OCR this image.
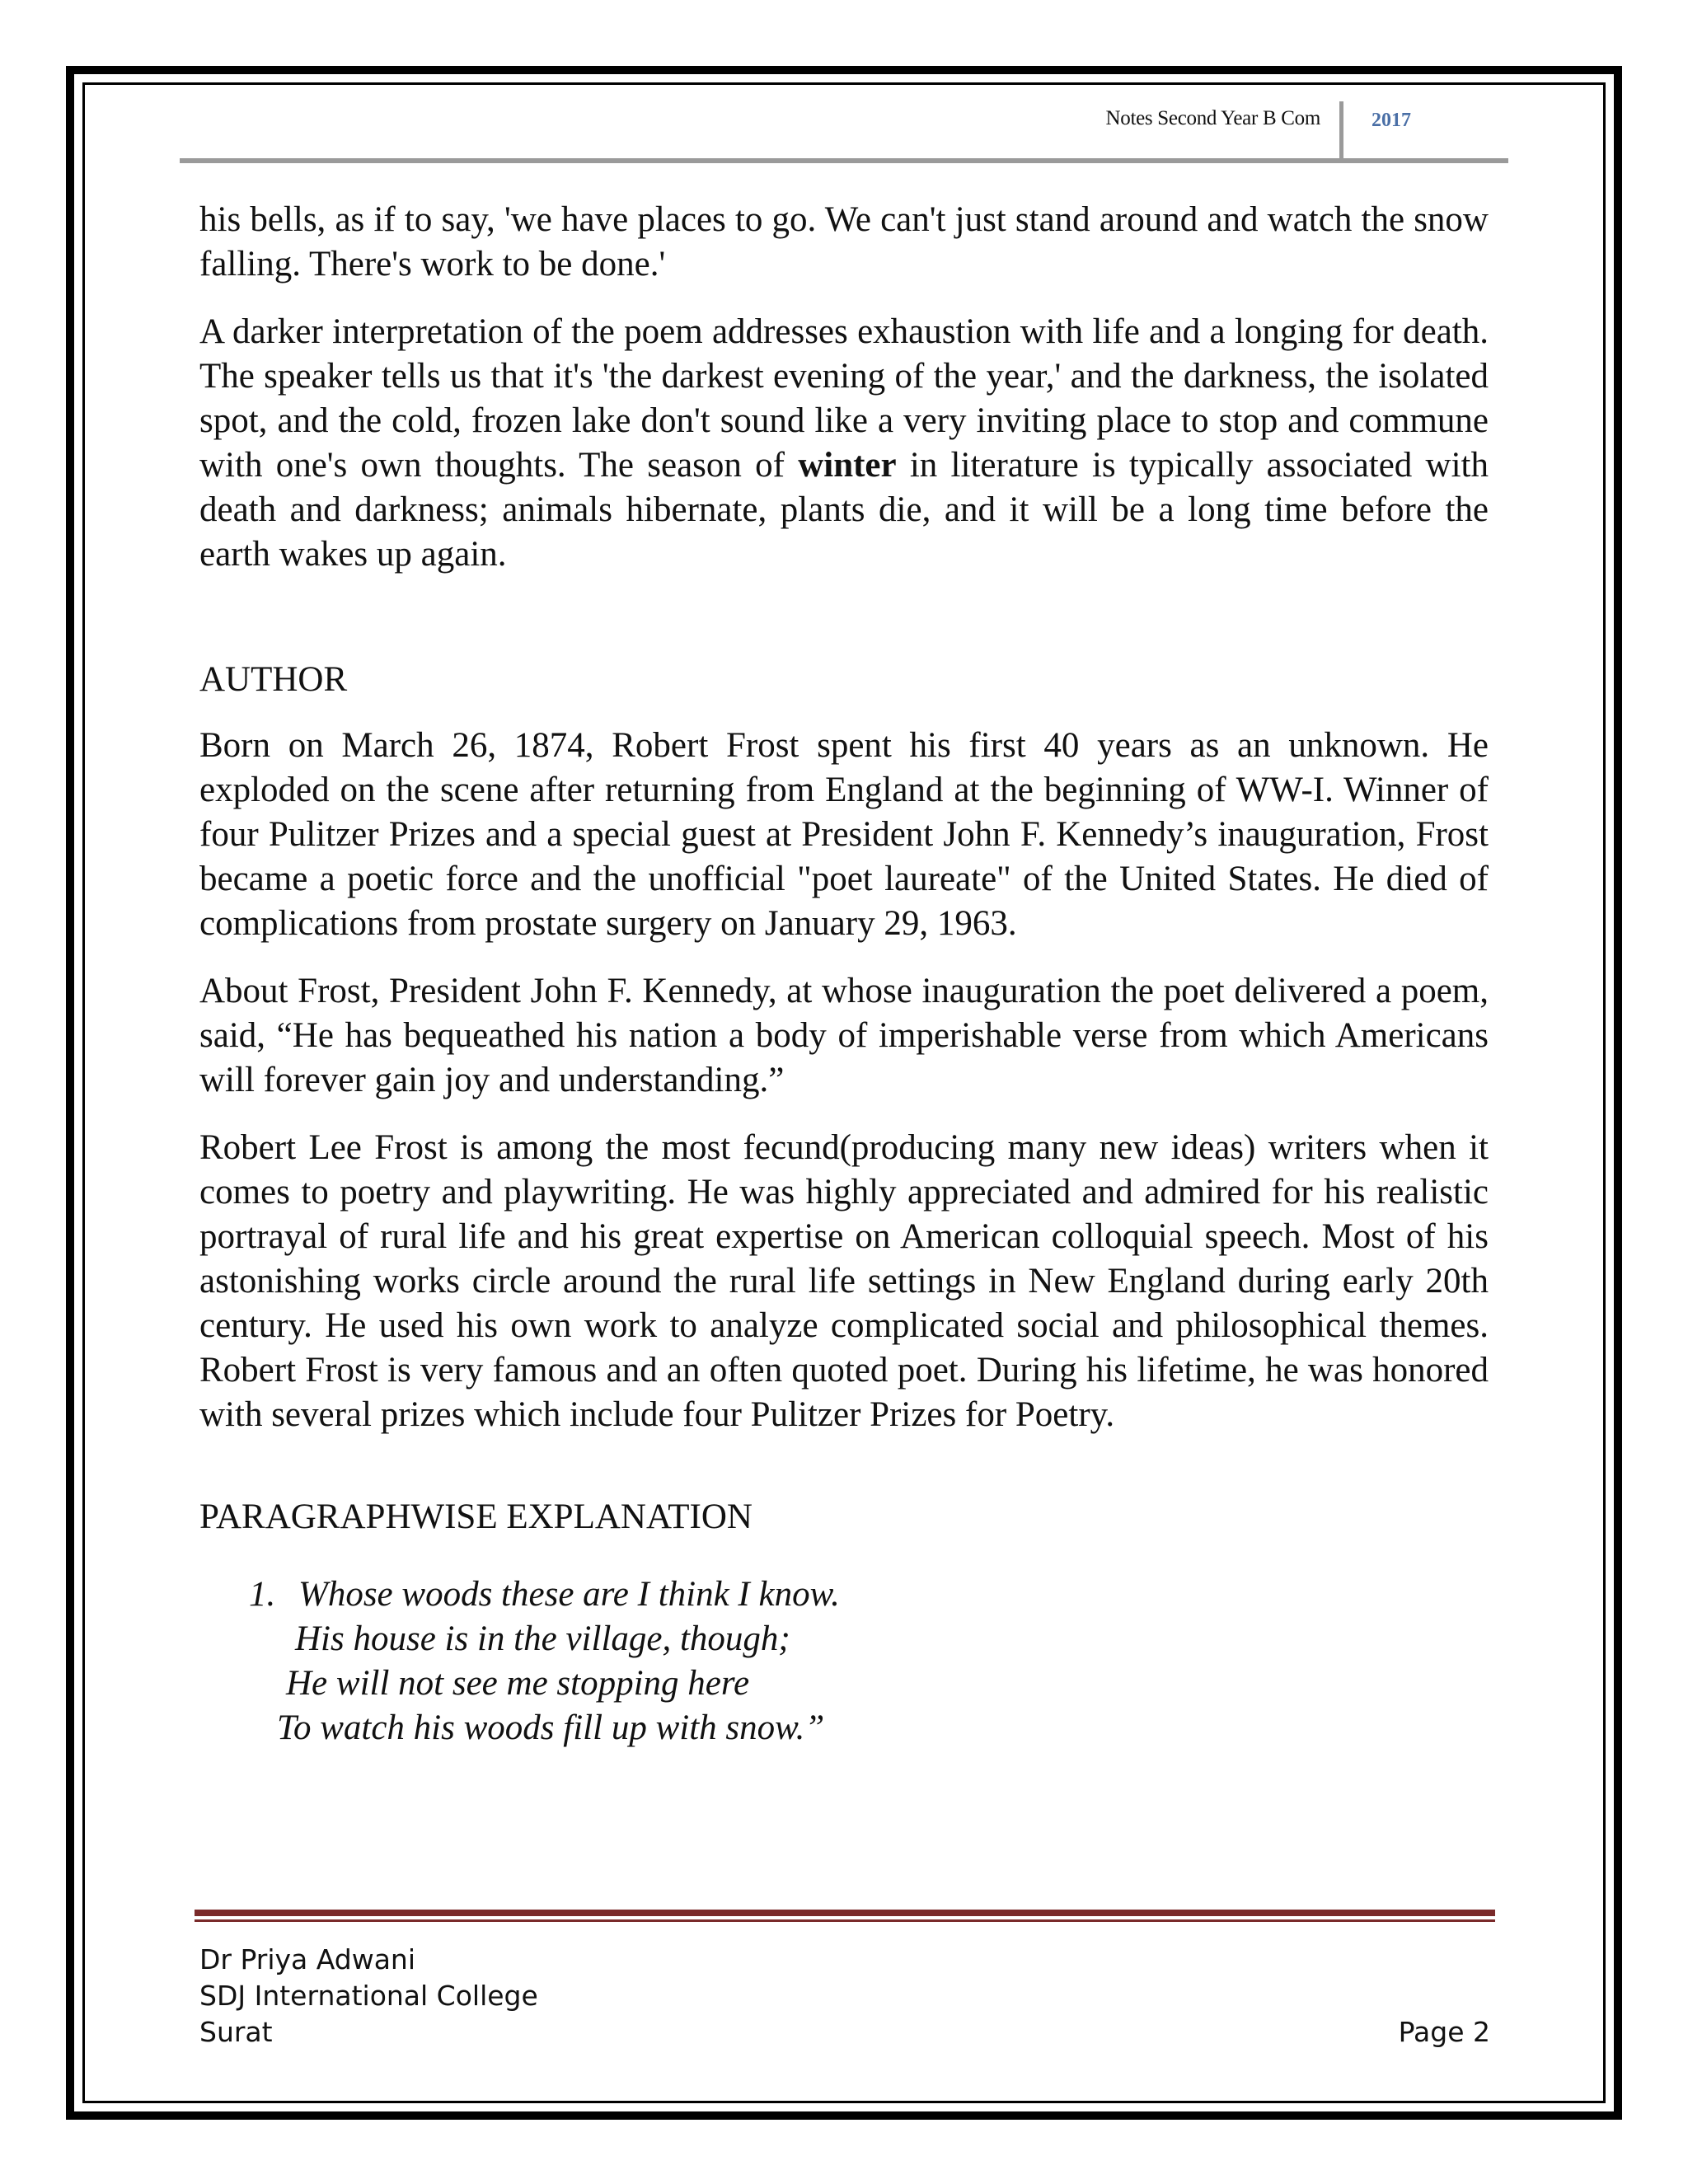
Notes Second Year B Com	2017

his bells, as if to say, 'we have places to go. We can't just stand around and watch the snow falling. There's work to be done.'

A darker interpretation of the poem addresses exhaustion with life and a longing for death. The speaker tells us that it's 'the darkest evening of the year,' and the darkness, the isolated spot, and the cold, frozen lake don't sound like a very inviting place to stop and commune with one's own thoughts. The season of winter in literature is typically associated with death and darkness; animals hibernate, plants die, and it will be a long time before the earth wakes up again.

AUTHOR

Born on March 26, 1874, Robert Frost spent his first 40 years as an unknown. He exploded on the scene after returning from England at the beginning of WW-I. Winner of four Pulitzer Prizes and a special guest at President John F. Kennedy’s inauguration, Frost became a poetic force and the unofficial "poet laureate" of the United States. He died of complications from prostate surgery on January 29, 1963.

About Frost, President John F. Kennedy, at whose inauguration the poet delivered a poem, said, “He has bequeathed his nation a body of imperishable verse from which Americans will forever gain joy and understanding.”

Robert Lee Frost is among the most fecund(producing many new ideas) writers when it comes to poetry and playwriting. He was highly appreciated and admired for his realistic portrayal of rural life and his great expertise on American colloquial speech. Most of his astonishing works circle around the rural life settings in New England during early 20th century. He used his own work to analyze complicated social and philosophical themes. Robert Frost is very famous and an often quoted poet. During his lifetime, he was honored with several prizes which include four Pulitzer Prizes for Poetry.

PARAGRAPHWISE EXPLANATION
1. Whose woods these are I think I know.
His house is in the village, though;
He will not see me stopping here
To watch his woods fill up with snow.”
Dr Priya Adwani
SDJ International College
Surat	Page 2
